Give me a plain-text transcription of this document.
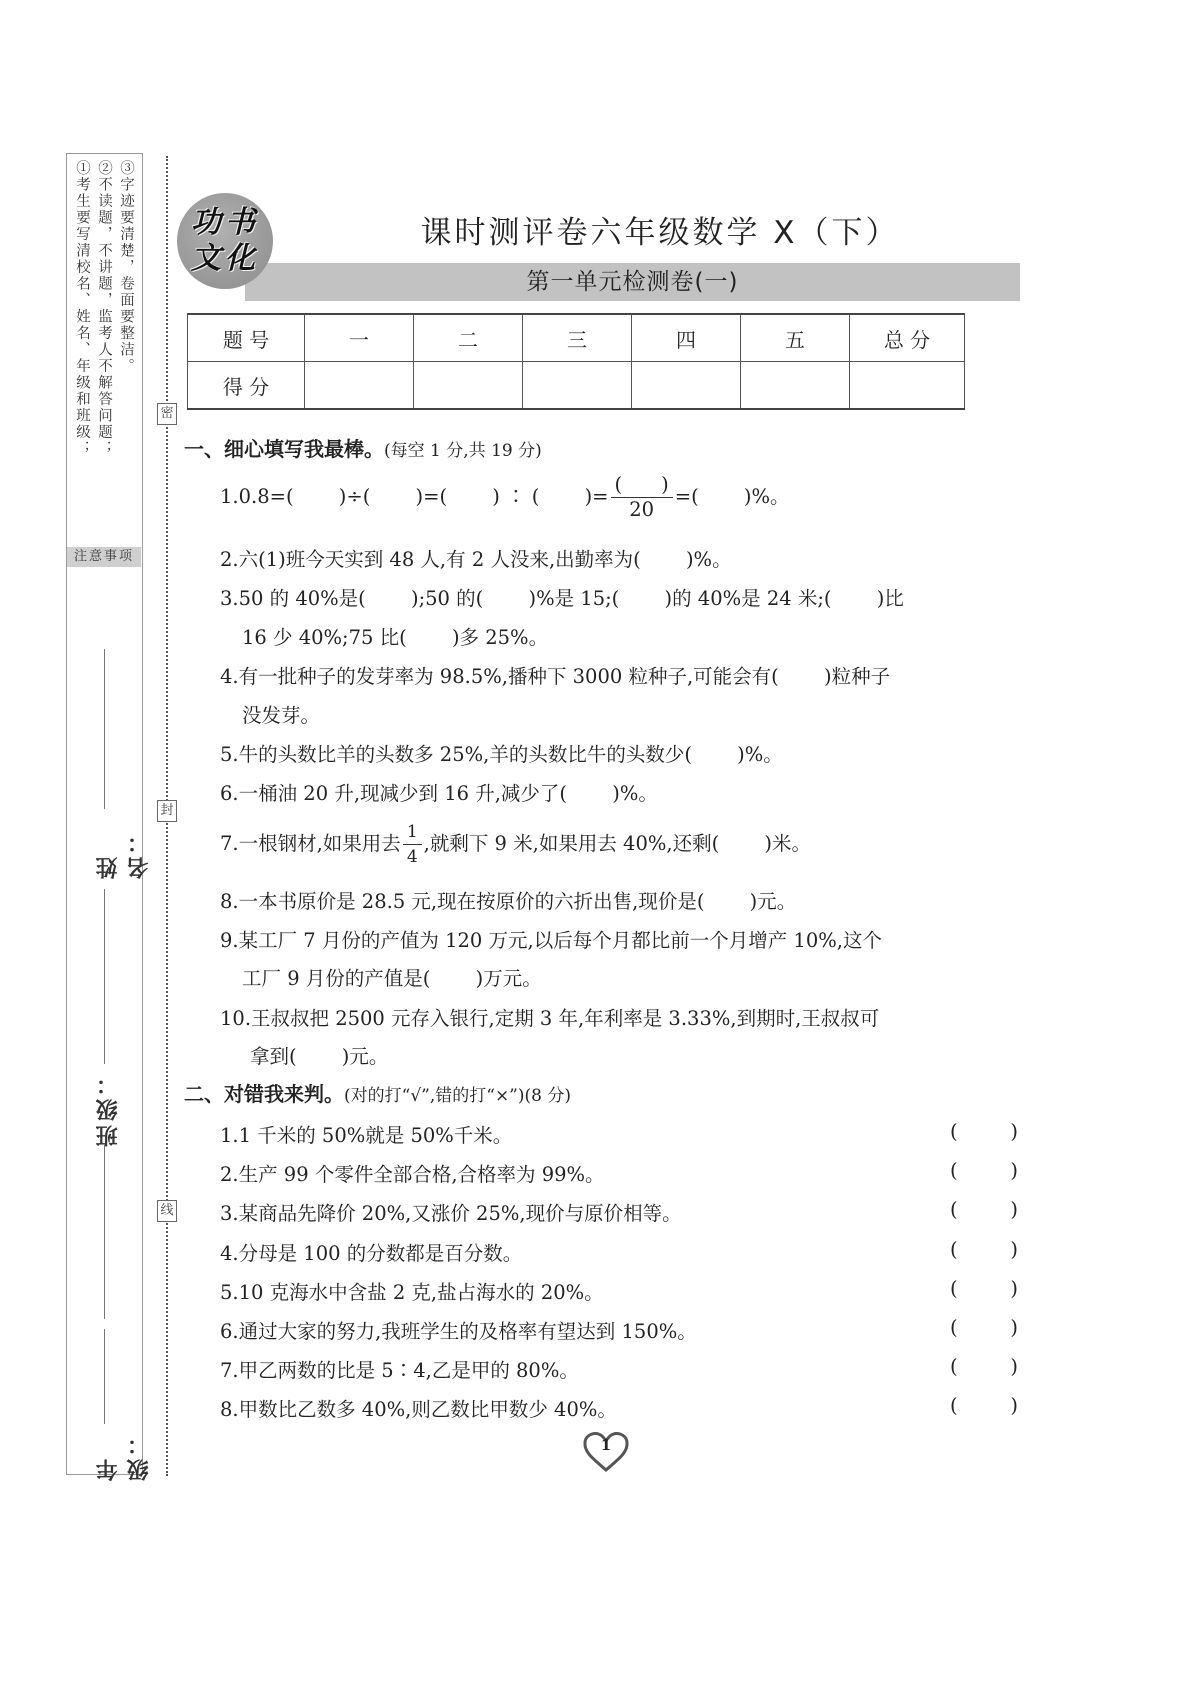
①考生要写清校名、姓名、年级和班级； ②不读题，不讲题，监考人不解答问题； ③字迹要清楚，卷面要整洁。
注意事项
姓名：
班级：
年级：
密
封
线
功书
文化
课时测评卷六年级数学 X（下）
第一单元检测卷(一)
题 号	一	二	三	四	五	总 分
得 分						
一、细心填写我最棒。(每空 1 分,共 19 分)
1.0.8=(　　 )÷(　　 )=(　　 ) ∶ (　　 )= $\frac{( )}{20}$ =(　　 )%。
2.六(1)班今天实到 48 人,有 2 人没来,出勤率为(　　 )%。
3.50 的 40%是(　　 );50 的(　　 )%是 15;(　　 )的 40%是 24 米;(　　 )比
16 少 40%;75 比(　　 )多 25%。
4.有一批种子的发芽率为 98.5%,播种下 3000 粒种子,可能会有(　　 )粒种子
没发芽。
5.牛的头数比羊的头数多 25%,羊的头数比牛的头数少(　　 )%。
6.一桶油 20 升,现减少到 16 升,减少了(　　 )%。
7.一根钢材,如果用去 $\frac{1}{4}$ ,就剩下 9 米,如果用去 40%,还剩(　　 )米。
8.一本书原价是 28.5 元,现在按原价的六折出售,现价是(　　 )元。
9.某工厂 7 月份的产值为 120 万元,以后每个月都比前一个月增产 10%,这个
工厂 9 月份的产值是(　　 )万元。
10.王叔叔把 2500 元存入银行,定期 3 年,年利率是 3.33%,到期时,王叔叔可
拿到(　　 )元。
二、对错我来判。(对的打“√”,错的打“×”)(8 分)
1.1 千米的 50%就是 50%千米。	(	)
2.生产 99 个零件全部合格,合格率为 99%。	(	)
3.某商品先降价 20%,又涨价 25%,现价与原价相等。	(	)
4.分母是 100 的分数都是百分数。	(	)
5.10 克海水中含盐 2 克,盐占海水的 20%。	(	)
6.通过大家的努力,我班学生的及格率有望达到 150%。	(	)
7.甲乙两数的比是 5∶4,乙是甲的 80%。	(	)
8.甲数比乙数多 40%,则乙数比甲数少 40%。	(	)
1
